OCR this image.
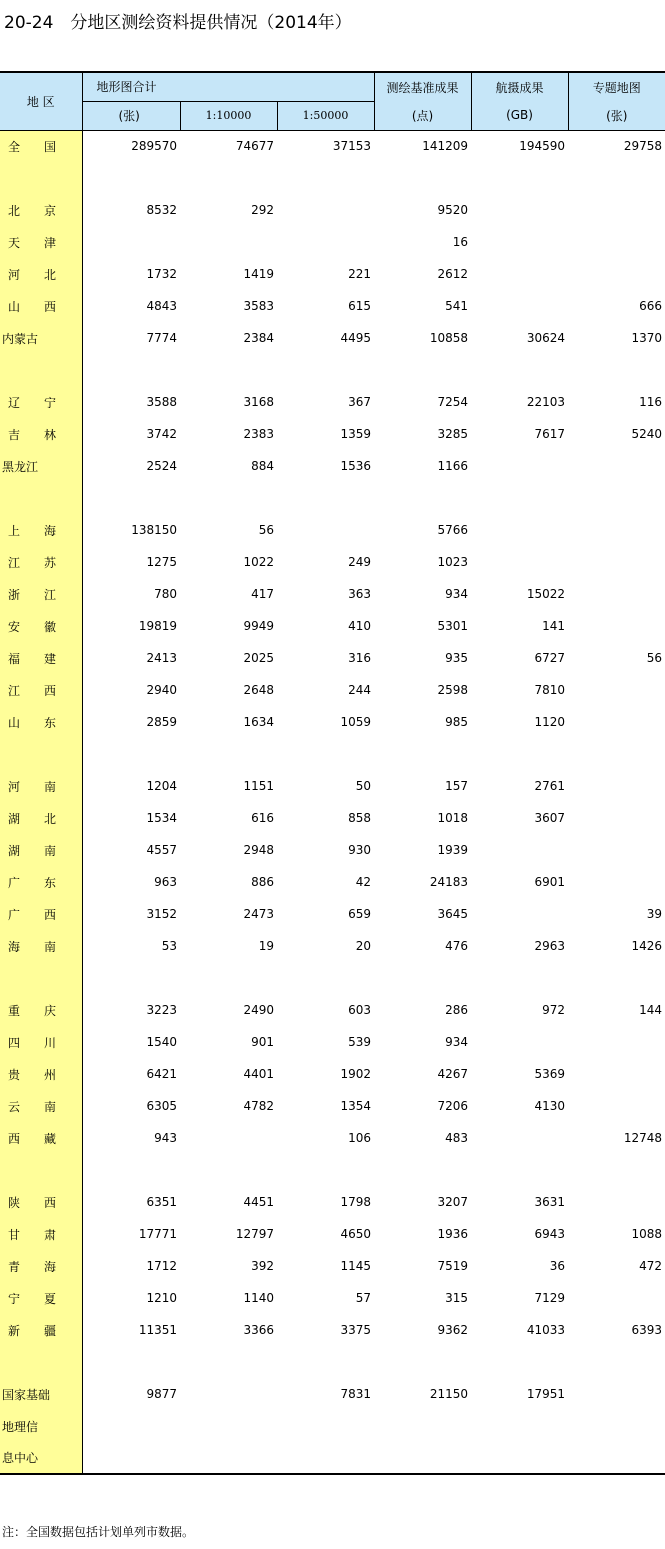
20-24　分地区测绘资料提供情况（2014年）
地 区	地形图合计			测绘基准成果	航摄成果	专题地图
	(张)	1:10000	1:50000	(点)	(GB)	(张)
全　国	289570	74677	37153	141209	194590	29758

北　京	8532	292		9520		
天　津				16		
河　北	1732	1419	221	2612		
山　西	4843	3583	615	541		666
内蒙古	7774	2384	4495	10858	30624	1370

辽　宁	3588	3168	367	7254	22103	116
吉　林	3742	2383	1359	3285	7617	5240
黑龙江	2524	884	1536	1166		

上　海	138150	56		5766		
江　苏	1275	1022	249	1023		
浙　江	780	417	363	934	15022	
安　徽	19819	9949	410	5301	141	
福　建	2413	2025	316	935	6727	56
江　西	2940	2648	244	2598	7810	
山　东	2859	1634	1059	985	1120	

河　南	1204	1151	50	157	2761	
湖　北	1534	616	858	1018	3607	
湖　南	4557	2948	930	1939		
广　东	963	886	42	24183	6901	
广　西	3152	2473	659	3645		39
海　南	53	19	20	476	2963	1426

重　庆	3223	2490	603	286	972	144
四　川	1540	901	539	934		
贵　州	6421	4401	1902	4267	5369	
云　南	6305	4782	1354	7206	4130	
西　藏	943		106	483		12748

陕　西	6351	4451	1798	3207	3631	
甘　肃	17771	12797	4650	1936	6943	1088
青　海	1712	392	1145	7519	36	472
宁　夏	1210	1140	57	315	7129	
新　疆	11351	3366	3375	9362	41033	6393

国家基础	9877		7831	21150	17951	
地理信						
息中心						
注：全国数据包括计划单列市数据。
